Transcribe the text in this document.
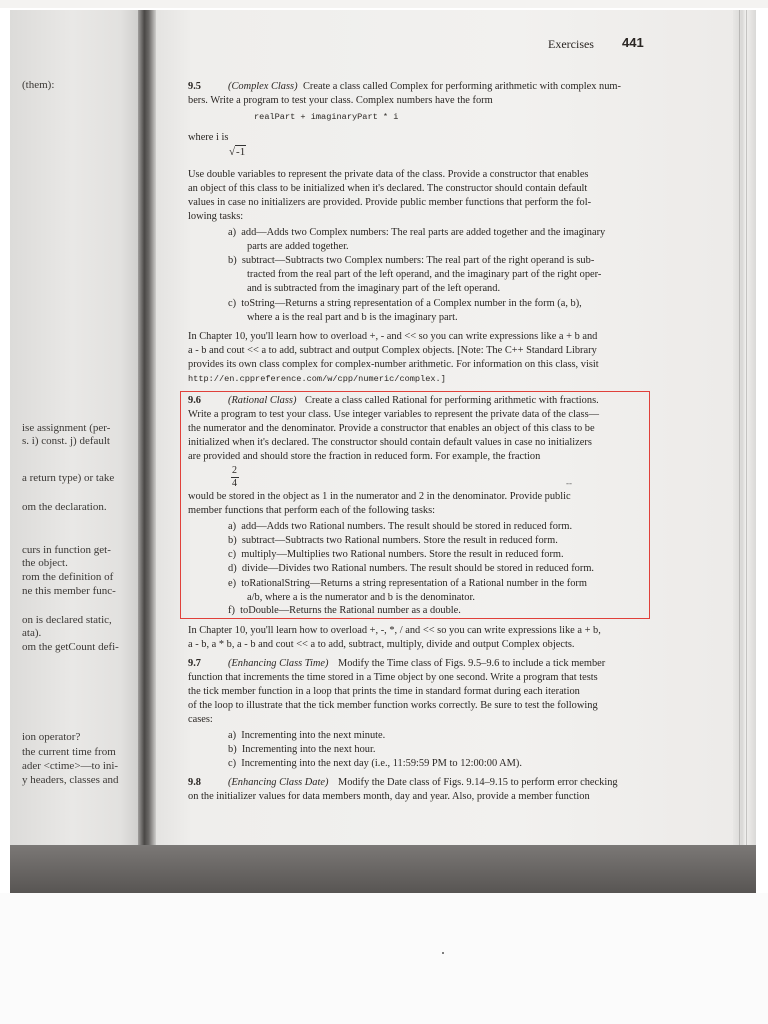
(them):
ise assignment (per-
s. i) const. j) default
a return type) or take
om the declaration.
curs in function get-
the object.
rom the definition of
ne this member func-
on is declared static,
ata).
om the getCount defi-
ion operator?
the current time from
ader <ctime>—to ini-
y headers, classes and
Exercises 441
9.5	(Complex Class) Create a class called Complex for performing arithmetic with complex num-
bers. Write a program to test your class. Complex numbers have the form
realPart + imaginaryPart * i
where i is
√-1
Use double variables to represent the private data of the class. Provide a constructor that enables
an object of this class to be initialized when it's declared. The constructor should contain default
values in case no initializers are provided. Provide public member functions that perform the fol-
lowing tasks:
a)  add—Adds two Complex numbers: The real parts are added together and the imaginary
parts are added together.
b)  subtract—Subtracts two Complex numbers: The real part of the right operand is sub-
tracted from the real part of the left operand, and the imaginary part of the right oper-
and is subtracted from the imaginary part of the left operand.
c)  toString—Returns a string representation of a Complex number in the form (a, b),
where a is the real part and b is the imaginary part.
In Chapter 10, you'll learn how to overload +, - and << so you can write expressions like a + b and
a - b and cout << a to add, subtract and output Complex objects. [Note: The C++ Standard Library
provides its own class complex for complex-number arithmetic. For information on this class, visit
http://en.cppreference.com/w/cpp/numeric/complex.]
9.6	(Rational Class) Create a class called Rational for performing arithmetic with fractions.
Write a program to test your class. Use integer variables to represent the private data of the class—
the numerator and the denominator. Provide a constructor that enables an object of this class to be
initialized when it's declared. The constructor should contain default values in case no initializers
are provided and should store the fraction in reduced form. For example, the fraction
2
4	--
would be stored in the object as 1 in the numerator and 2 in the denominator. Provide public
member functions that perform each of the following tasks:
a)  add—Adds two Rational numbers. The result should be stored in reduced form.
b)  subtract—Subtracts two Rational numbers. Store the result in reduced form.
c)  multiply—Multiplies two Rational numbers. Store the result in reduced form.
d)  divide—Divides two Rational numbers. The result should be stored in reduced form.
e)  toRationalString—Returns a string representation of a Rational number in the form
a/b, where a is the numerator and b is the denominator.
f)  toDouble—Returns the Rational number as a double.
In Chapter 10, you'll learn how to overload +, -, *, / and << so you can write expressions like a + b,
a - b, a * b, a - b and cout << a to add, subtract, multiply, divide and output Complex objects.
9.7	(Enhancing Class Time) Modify the Time class of Figs. 9.5–9.6 to include a tick member
function that increments the time stored in a Time object by one second. Write a program that tests
the tick member function in a loop that prints the time in standard format during each iteration
of the loop to illustrate that the tick member function works correctly. Be sure to test the following
cases:
a)  Incrementing into the next minute.
b)  Incrementing into the next hour.
c)  Incrementing into the next day (i.e., 11:59:59 PM to 12:00:00 AM).
9.8	(Enhancing Class Date) Modify the Date class of Figs. 9.14–9.15 to perform error checking
on the initializer values for data members month, day and year. Also, provide a member function
